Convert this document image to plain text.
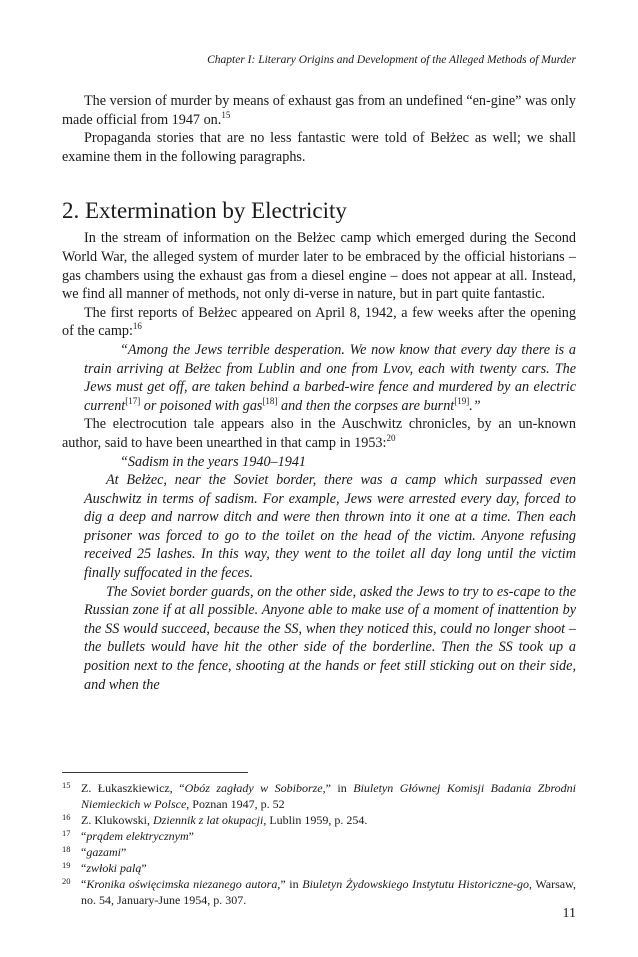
Chapter I: Literary Origins and Development of the Alleged Methods of Murder

The version of murder by means of exhaust gas from an undefined “en-gine” was only made official from 1947 on.$^{15}$

Propaganda stories that are no less fantastic were told of Bełżec as well; we shall examine them in the following paragraphs.

2. Extermination by Electricity

In the stream of information on the Bełżec camp which emerged during the Second World War, the alleged system of murder later to be embraced by the official historians – gas chambers using the exhaust gas from a diesel engine – does not appear at all. Instead, we find all manner of methods, not only di-verse in nature, but in part quite fantastic.

The first reports of Bełżec appeared on April 8, 1942, a few weeks after the opening of the camp:$^{16}$

“Among the Jews terrible desperation. We now know that every day there is a train arriving at Bełżec from Lublin and one from Lvov, each with twenty cars. The Jews must get off, are taken behind a barbed-wire fence and murdered by an electric current[17] or poisoned with gas[18] and then the corpses are burnt[19].”

The electrocution tale appears also in the Auschwitz chronicles, by an un-known author, said to have been unearthed in that camp in 1953:$^{20}$

“Sadism in the years 1940–1941

At Bełżec, near the Soviet border, there was a camp which surpassed even Auschwitz in terms of sadism. For example, Jews were arrested every day, forced to dig a deep and narrow ditch and were then thrown into it one at a time. Then each prisoner was forced to go to the toilet on the head of the victim. Anyone refusing received 25 lashes. In this way, they went to the toilet all day long until the victim finally suffocated in the feces.

The Soviet border guards, on the other side, asked the Jews to try to es-cape to the Russian zone if at all possible. Anyone able to make use of a moment of inattention by the SS would succeed, because the SS, when they noticed this, could no longer shoot – the bullets would have hit the other side of the borderline. Then the SS took up a position next to the fence, shooting at the hands or feet still sticking out on their side, and when the

15 Z. Łukaszkiewicz, “Obóz zagłady w Sobiborze,” in Biuletyn Głównej Komisji Badania Zbrodni Niemieckich w Polsce, Poznan 1947, p. 52
16 Z. Klukowski, Dziennik z lat okupacji, Lublin 1959, p. 254.
17 “prądem elektrycznym”
18 “gazami”
19 “zwłoki palą”
20 “Kronika oświęcimska niezanego autora,” in Biuletyn Żydowskiego Instytutu Historiczne-go, Warsaw, no. 54, January-June 1954, p. 307.
11
